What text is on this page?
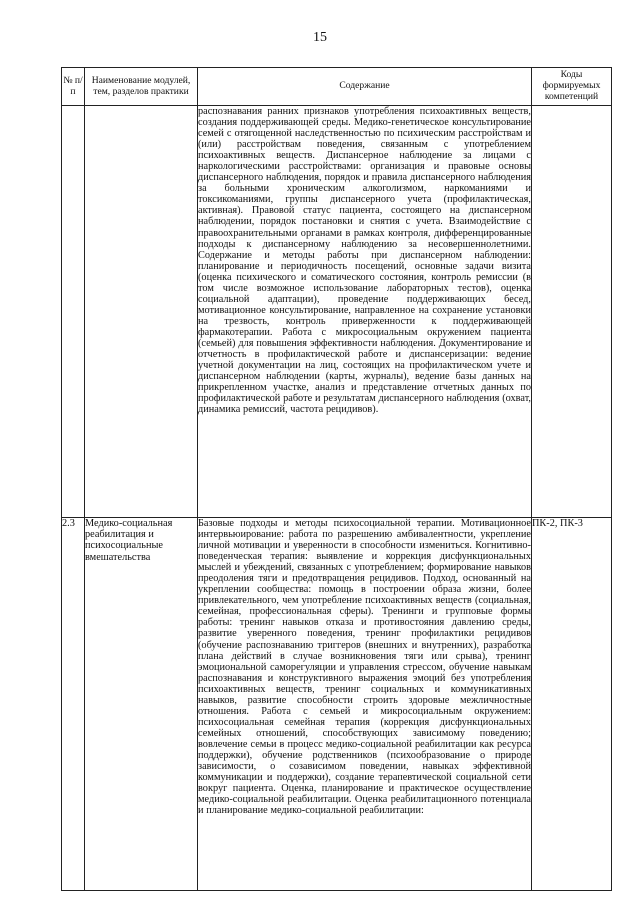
15
№ п/п	Наименование модулей, тем, разделов практики	Содержание	Коды формируемых компетенций

		распознавания ранних признаков употребления психоактивных веществ, создания поддерживающей среды. Медико-генетическое консультирование семей с отягощенной наследственностью по психическим расстройствам и (или) расстройствам поведения, связанным с употреблением психоактивных веществ. Диспансерное наблюдение за лицами с наркологическими расстройствами: организация и правовые основы диспансерного наблюдения, порядок и правила диспансерного наблюдения за больными хроническим алкоголизмом, наркоманиями и токсикоманиями, группы диспансерного учета (профилактическая, активная). Правовой статус пациента, состоящего на диспансерном наблюдении, порядок постановки и снятия с учета. Взаимодействие с правоохранительными органами в рамках контроля, дифференцированные подходы к диспансерному наблюдению за несовершеннолетними. Содержание и методы работы при диспансерном наблюдении: планирование и периодичность посещений, основные задачи визита (оценка психического и соматического состояния, контроль ремиссии (в том числе возможное использование лабораторных тестов), оценка социальной адаптации), проведение поддерживающих бесед, мотивационное консультирование, направленное на сохранение установки на трезвость, контроль приверженности к поддерживающей фармакотерапии. Работа с микросоциальным окружением пациента (семьей) для повышения эффективности наблюдения. Документирование и отчетность в профилактической работе и диспансеризации: ведение учетной документации на лиц, состоящих на профилактическом учете и диспансерном наблюдении (карты, журналы), ведение базы данных на прикрепленном участке, анализ и представление отчетных данных по профилактической работе и результатам диспансерного наблюдения (охват, динамика ремиссий, частота рецидивов).	

2.3	Медико-социальная реабилитация и психосоциальные вмешательства	Базовые подходы и методы психосоциальной терапии. Мотивационное интервьюирование: работа по разрешению амбивалентности, укрепление личной мотивации и уверенности в способности измениться. Когнитивно-поведенческая терапия: выявление и коррекция дисфункциональных мыслей и убеждений, связанных с употреблением; формирование навыков преодоления тяги и предотвращения рецидивов. Подход, основанный на укреплении сообщества: помощь в построении образа жизни, более привлекательного, чем употребление психоактивных веществ (социальная, семейная, профессиональная сферы). Тренинги и групповые формы работы: тренинг навыков отказа и противостояния давлению среды, развитие уверенного поведения, тренинг профилактики рецидивов (обучение распознаванию триггеров (внешних и внутренних), разработка плана действий в случае возникновения тяги или срыва), тренинг эмоциональной саморегуляции и управления стрессом, обучение навыкам распознавания и конструктивного выражения эмоций без употребления психоактивных веществ, тренинг социальных и коммуникативных навыков, развитие способности строить здоровые межличностные отношения. Работа с семьей и микросоциальным окружением: психосоциальная семейная терапия (коррекция дисфункциональных семейных отношений, способствующих зависимому поведению; вовлечение семьи в процесс медико-социальной реабилитации как ресурса поддержки), обучение родственников (психообразование о природе зависимости, о созависимом поведении, навыках эффективной коммуникации и поддержки), создание терапевтической социальной сети вокруг пациента. Оценка, планирование и практическое осуществление медико-социальной реабилитации. Оценка реабилитационного потенциала и планирование медико-социальной реабилитации:	ПК-2, ПК-3
